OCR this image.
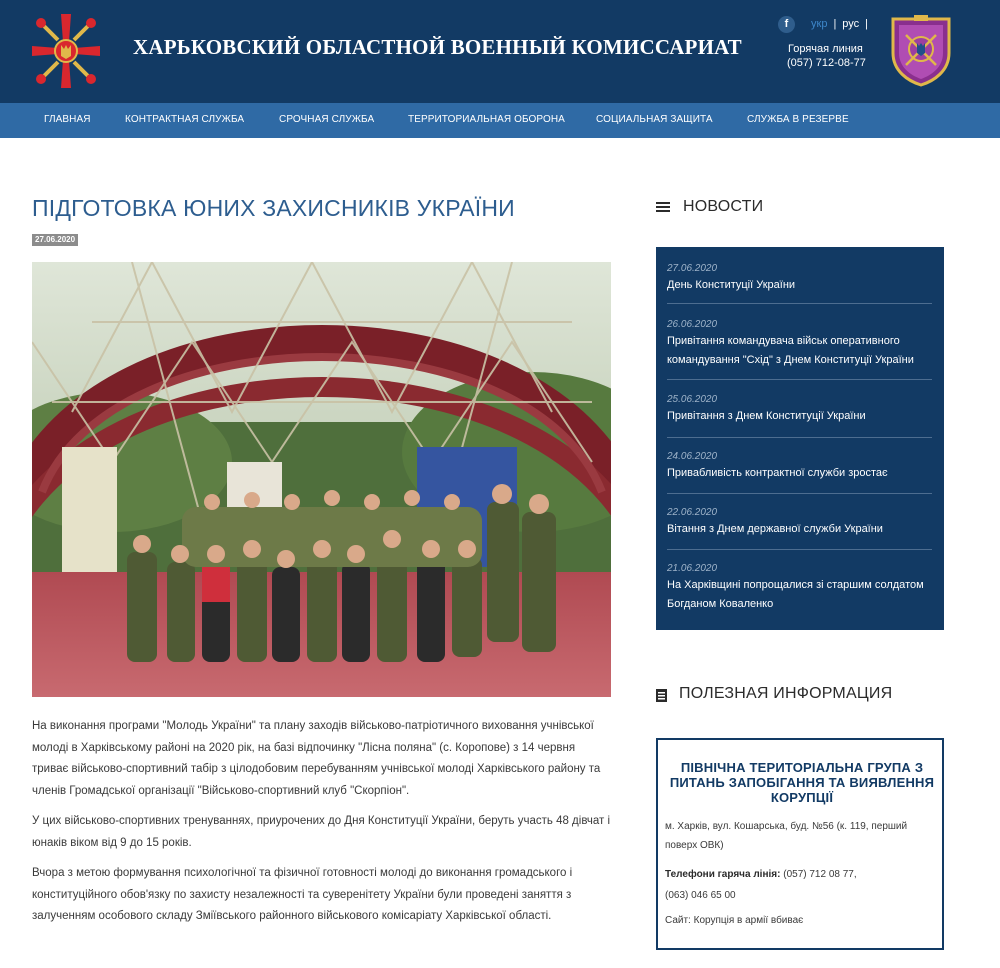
ХАРЬКОВСКИЙ ОБЛАСТНОЙ ВОЕННЫЙ КОМИССАРИАТ
f	укр | рус |
Горячая линия
(057) 712-08-77
ГЛАВНАЯ	КОНТРАКТНАЯ СЛУЖБА	СРОЧНАЯ СЛУЖБА	ТЕРРИТОРИАЛЬНАЯ ОБОРОНА	СОЦИАЛЬНАЯ ЗАЩИТА	СЛУЖБА В РЕЗЕРВЕ
ПІДГОТОВКА ЮНИХ ЗАХИСНИКІВ УКРАЇНИ
27.06.2020

На виконання програми "Молодь України" та плану заходів військово-патріотичного виховання учнівської молоді в Харківському районі на 2020 рік, на базі відпочинку "Лісна поляна" (с. Коропове) з 14 червня триває військово-спортивний табір з цілодобовим перебуванням учнівської молоді Харківського району та членів Громадської організації "Військово-спортивний клуб "Скорпіон".

У цих військово-спортивних тренуваннях, приурочених до Дня Конституції України, беруть участь 48 дівчат і юнаків віком від 9 до 15 років.

Вчора з метою формування психологічної та фізичної готовності молоді до виконання громадського і конституційного обов'язку по захисту незалежності та суверенітету України були проведені заняття з залученням особового складу Зміївського районного військового комісаріату Харківської області.

НОВОСТИ
27.06.2020
День Конституції України
26.06.2020
Привітання командувача військ оперативного командування "Схід" з Днем Конституції України
25.06.2020
Привітання з Днем Конституції України
24.06.2020
Привабливість контрактної служби зростає
22.06.2020
Вітання з Днем державної служби України
21.06.2020
На Харківщині попрощалися зі старшим солдатом Богданом Коваленко
ПОЛЕЗНАЯ ИНФОРМАЦИЯ
ПІВНІЧНА ТЕРИТОРІАЛЬНА ГРУПА З ПИТАНЬ ЗАПОБІГАННЯ ТА ВИЯВЛЕННЯ КОРУПЦІЇ
м. Харків, вул. Кошарська, буд. №56 (к. 119, перший поверх ОВК)
Телефони гаряча лінія: (057) 712 08 77,
(063) 046 65 00
Сайт: Корупція в армії вбиває
